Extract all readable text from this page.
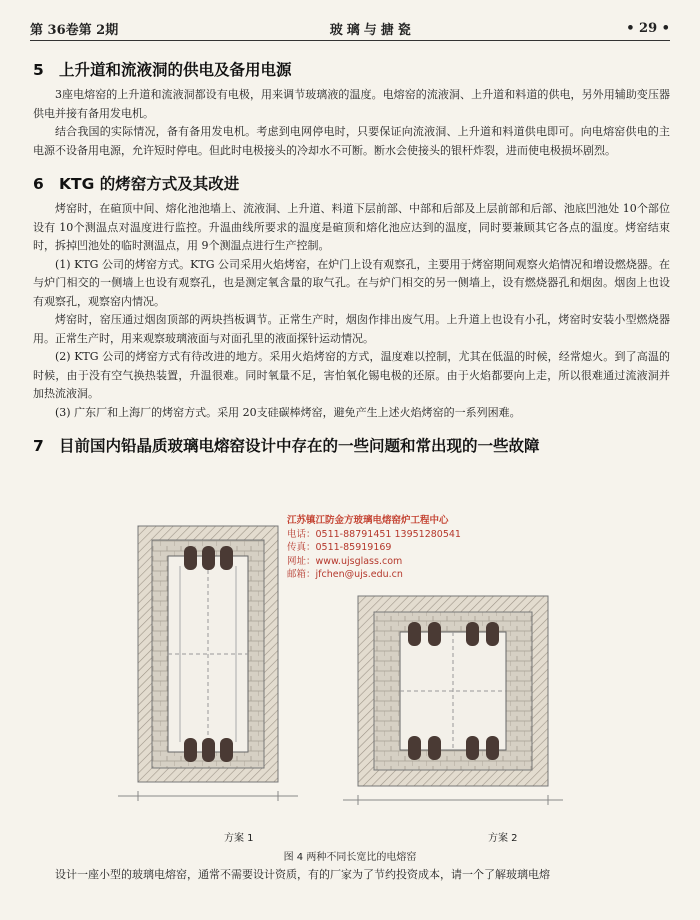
第 36卷第 2期	玻璃与搪瓷	• 29 •
5 上升道和流液洞的供电及备用电源

3座电熔窑的上升道和流液洞都设有电极，用来调节玻璃液的温度。电熔窑的流液洞、上升道和料道的供电，另外用辅助变压器供电并接有备用发电机。

结合我国的实际情况，备有备用发电机。考虑到电网停电时，只要保证向流液洞、上升道和料道供电即可。向电熔窑供电的主电源不设备用电源，允许短时停电。但此时电极接头的冷却水不可断。断水会使接头的银杆炸裂，进而使电极损坏剧烈。

6 KTG 的烤窑方式及其改进

烤窑时，在碹顶中间、熔化池池墙上、流液洞、上升道、料道下层前部、中部和后部及上层前部和后部、池底凹池处 10个部位设有 10个测温点对温度进行监控。升温曲线所要求的温度是碹顶和熔化池应达到的温度，同时要兼顾其它各点的温度。烤窑结束时，拆掉凹池处的临时测温点，用 9个测温点进行生产控制。

(1) KTG 公司的烤窑方式。KTG 公司采用火焰烤窑，在炉门上设有观察孔，主要用于烤窑期间观察火焰情况和增设燃烧器。在与炉门相交的一侧墙上也设有观察孔，也是测定氧含量的取气孔。在与炉门相交的另一侧墙上，设有燃烧器孔和烟囱。烟囱上也设有观察孔，观察窑内情况。

烤窑时，窑压通过烟囱顶部的两块挡板调节。正常生产时，烟囱作排出废气用。上升道上也设有小孔，烤窑时安装小型燃烧器用。正常生产时，用来观察玻璃液面与对面孔里的液面探针运动情况。

(2) KTG 公司的烤窑方式有待改进的地方。采用火焰烤窑的方式，温度难以控制，尤其在低温的时候，经常熄火。到了高温的时候，由于没有空气换热装置，升温很难。同时氧量不足，害怕氧化锡电极的还原。由于火焰都要向上走，所以很难通过流液洞并加热流液洞。

(3) 广东厂和上海厂的烤窑方式。采用 20支硅碳棒烤窑，避免产生上述火焰烤窑的一系列困难。

7 目前国内铅晶质玻璃电熔窑设计中存在的一些问题和常出现的一些故障
江苏镇江防金方玻璃电熔窑炉工程中心
电话：0511-88791451 13951280541
传真：0511-85919169
网址：www.ujsglass.com
邮箱：jfchen@ujs.edu.cn
方案 1	方案 2
图 4 两种不同长宽比的电熔窑
设计一座小型的玻璃电熔窑，通常不需要设计资质，有的厂家为了节约投资成本，请一个了解玻璃电熔
